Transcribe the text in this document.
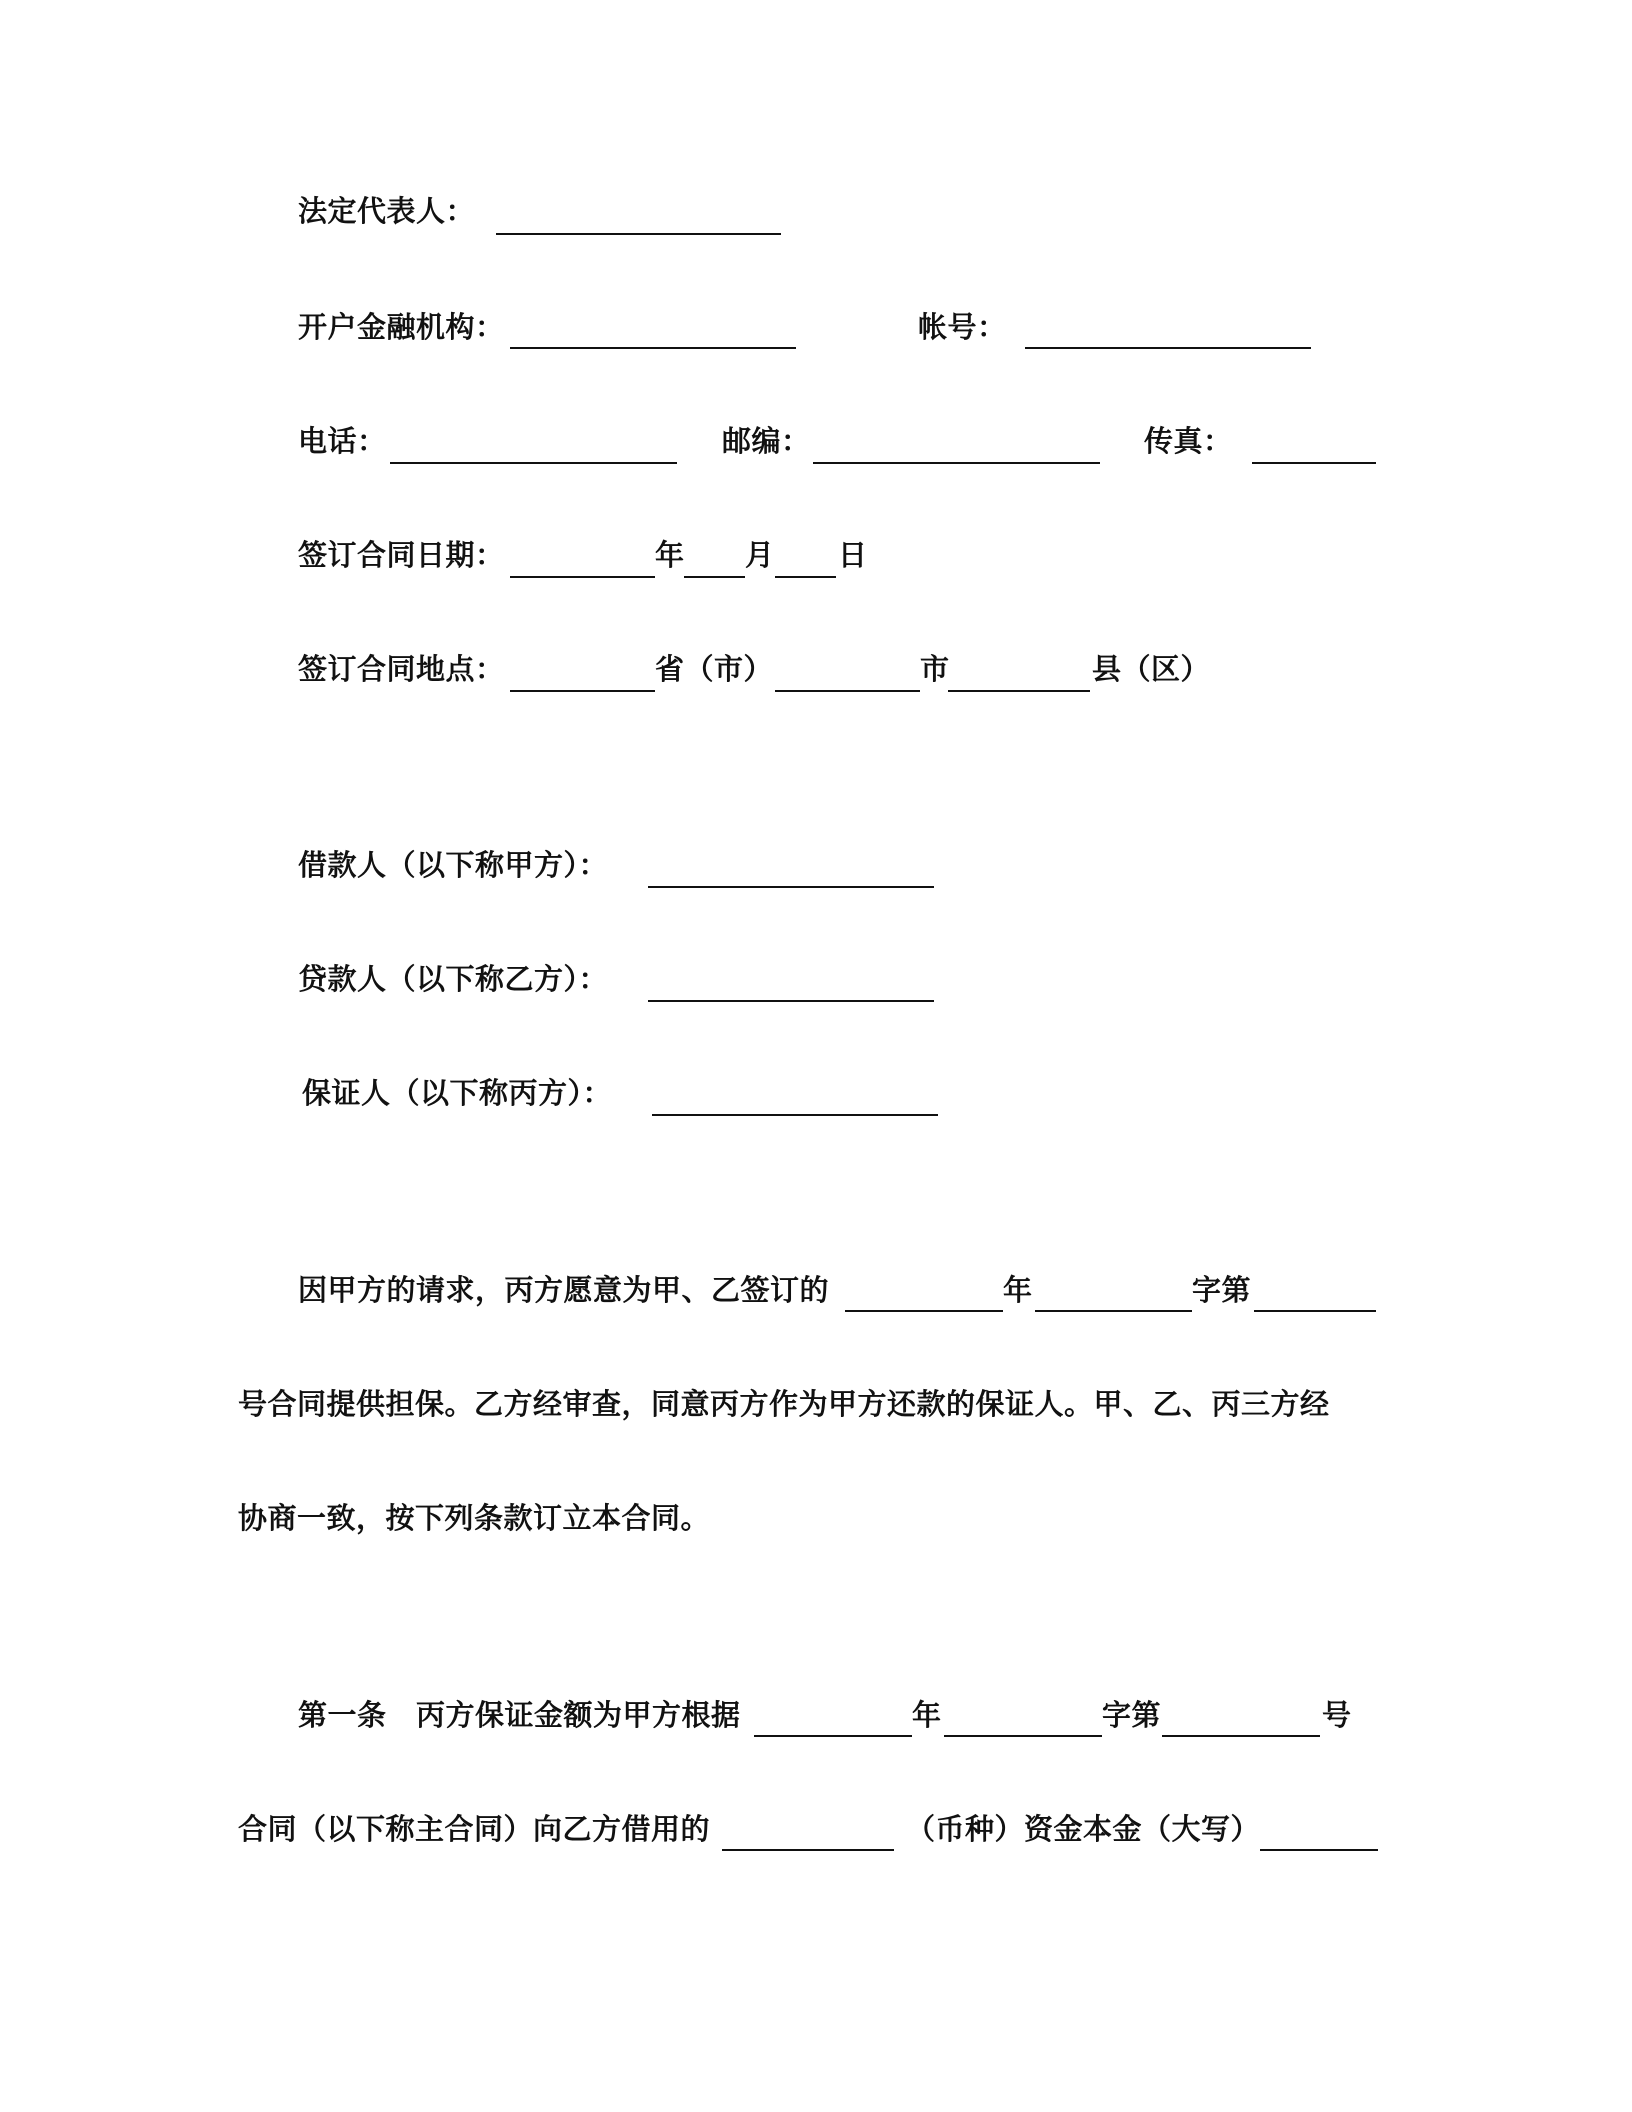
法定代表人：
开户金融机构：	帐号：
电话：	邮编：	传真：
签订合同日期：	年 月 日
签订合同地点：	省（市）	市	县（区）
借款人（以下称甲方）：
贷款人（以下称乙方）：
保证人（以下称丙方）：
因甲方的请求，丙方愿意为甲、乙签订的	年	字第
号合同提供担保。乙方经审查，同意丙方作为甲方还款的保证人。甲、乙、丙三方经
协商一致，按下列条款订立本合同。
第一条　丙方保证金额为甲方根据	年	字第	号
合同（以下称主合同）向乙方借用的	（币种）资金本金（大写）
